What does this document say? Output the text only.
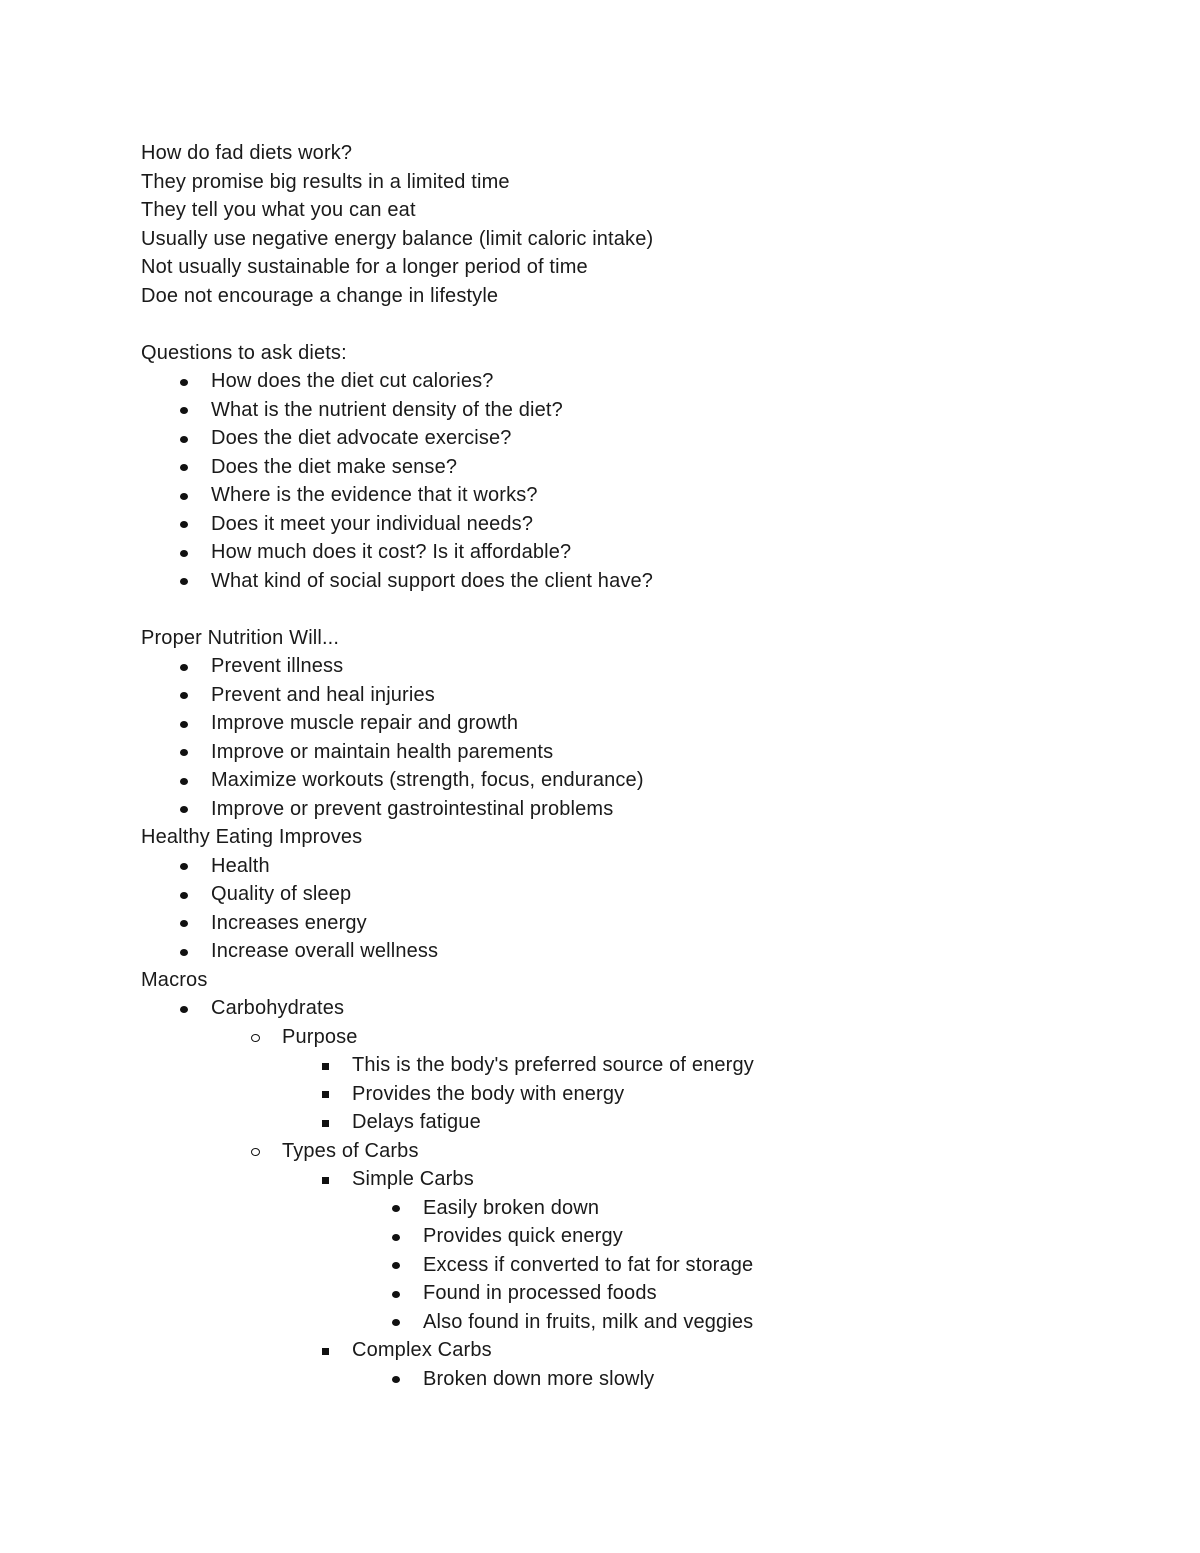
How do fad diets work?
They promise big results in a limited time
They tell you what you can eat
Usually use negative energy balance (limit caloric intake)
Not usually sustainable for a longer period of time
Doe not encourage a change in lifestyle
Questions to ask diets:
How does the diet cut calories?
What is the nutrient density of the diet?
Does the diet advocate exercise?
Does the diet make sense?
Where is the evidence that it works?
Does it meet your individual needs?
How much does it cost? Is it affordable?
What kind of social support does the client have?
Proper Nutrition Will...
Prevent illness
Prevent and heal injuries
Improve muscle repair and growth
Improve or maintain health parements
Maximize workouts (strength, focus, endurance)
Improve or prevent gastrointestinal problems
Healthy Eating Improves
Health
Quality of sleep
Increases energy
Increase overall wellness
Macros
Carbohydrates
Purpose
This is the body's preferred source of energy
Provides the body with energy
Delays fatigue
Types of Carbs
Simple Carbs
Easily broken down
Provides quick energy
Excess if converted to fat for storage
Found in processed foods
Also found in fruits, milk and veggies
Complex Carbs
Broken down more slowly
